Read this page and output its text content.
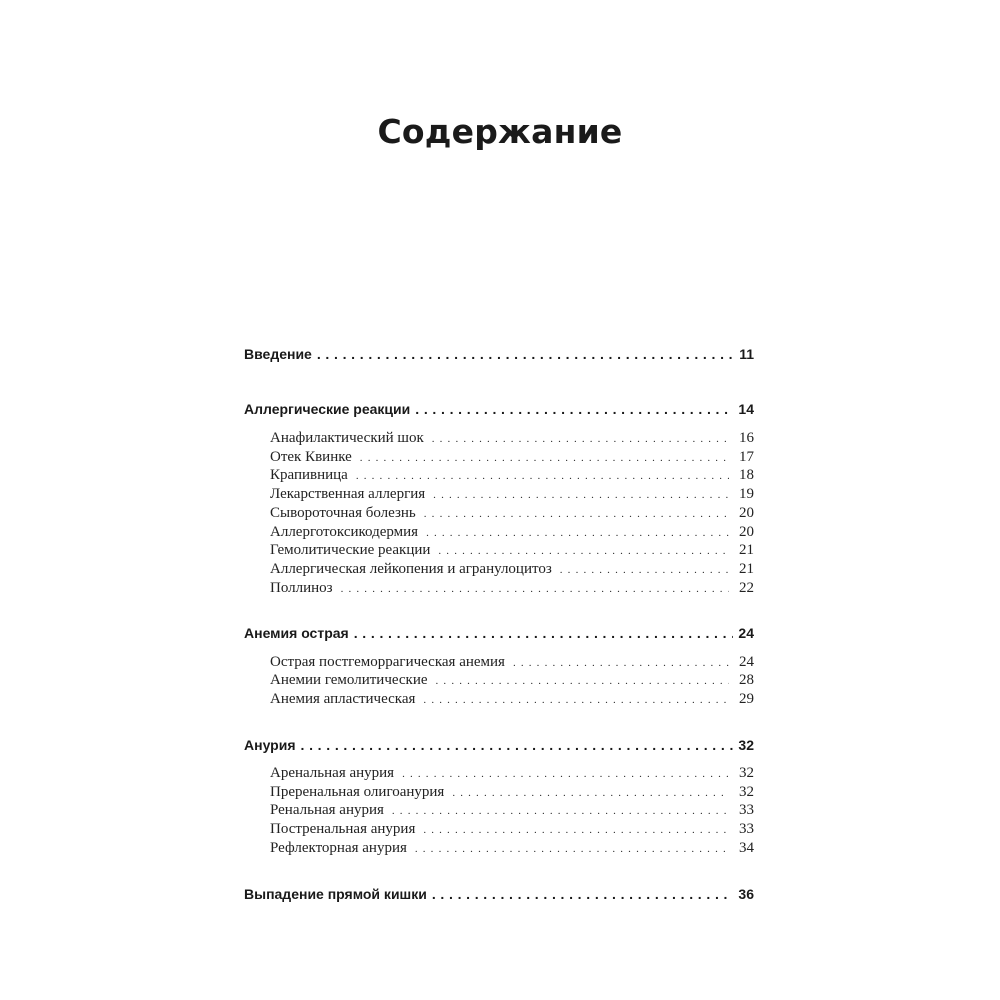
Содержание
Введение . . .	11
Аллергические реакции . . .	14
Анафилактический шок . . .	16
Отек Квинке . . .	17
Крапивница . . .	18
Лекарственная аллергия . . .	19
Сывороточная болезнь . . .	20
Аллерготоксикодермия . . .	20
Гемолитические реакции . . .	21
Аллергическая лейкопения и агранулоцитоз . . .	21
Поллиноз . . .	22
Анемия острая . . .	24
Острая постгеморрагическая анемия . . .	24
Анемии гемолитические . . .	28
Анемия апластическая . . .	29
Анурия . . .	32
Аренальная анурия . . .	32
Преренальная олигоанурия . . .	32
Ренальная анурия . . .	33
Постренальная анурия . . .	33
Рефлекторная анурия . . .	34
Выпадение прямой кишки . . .	36
